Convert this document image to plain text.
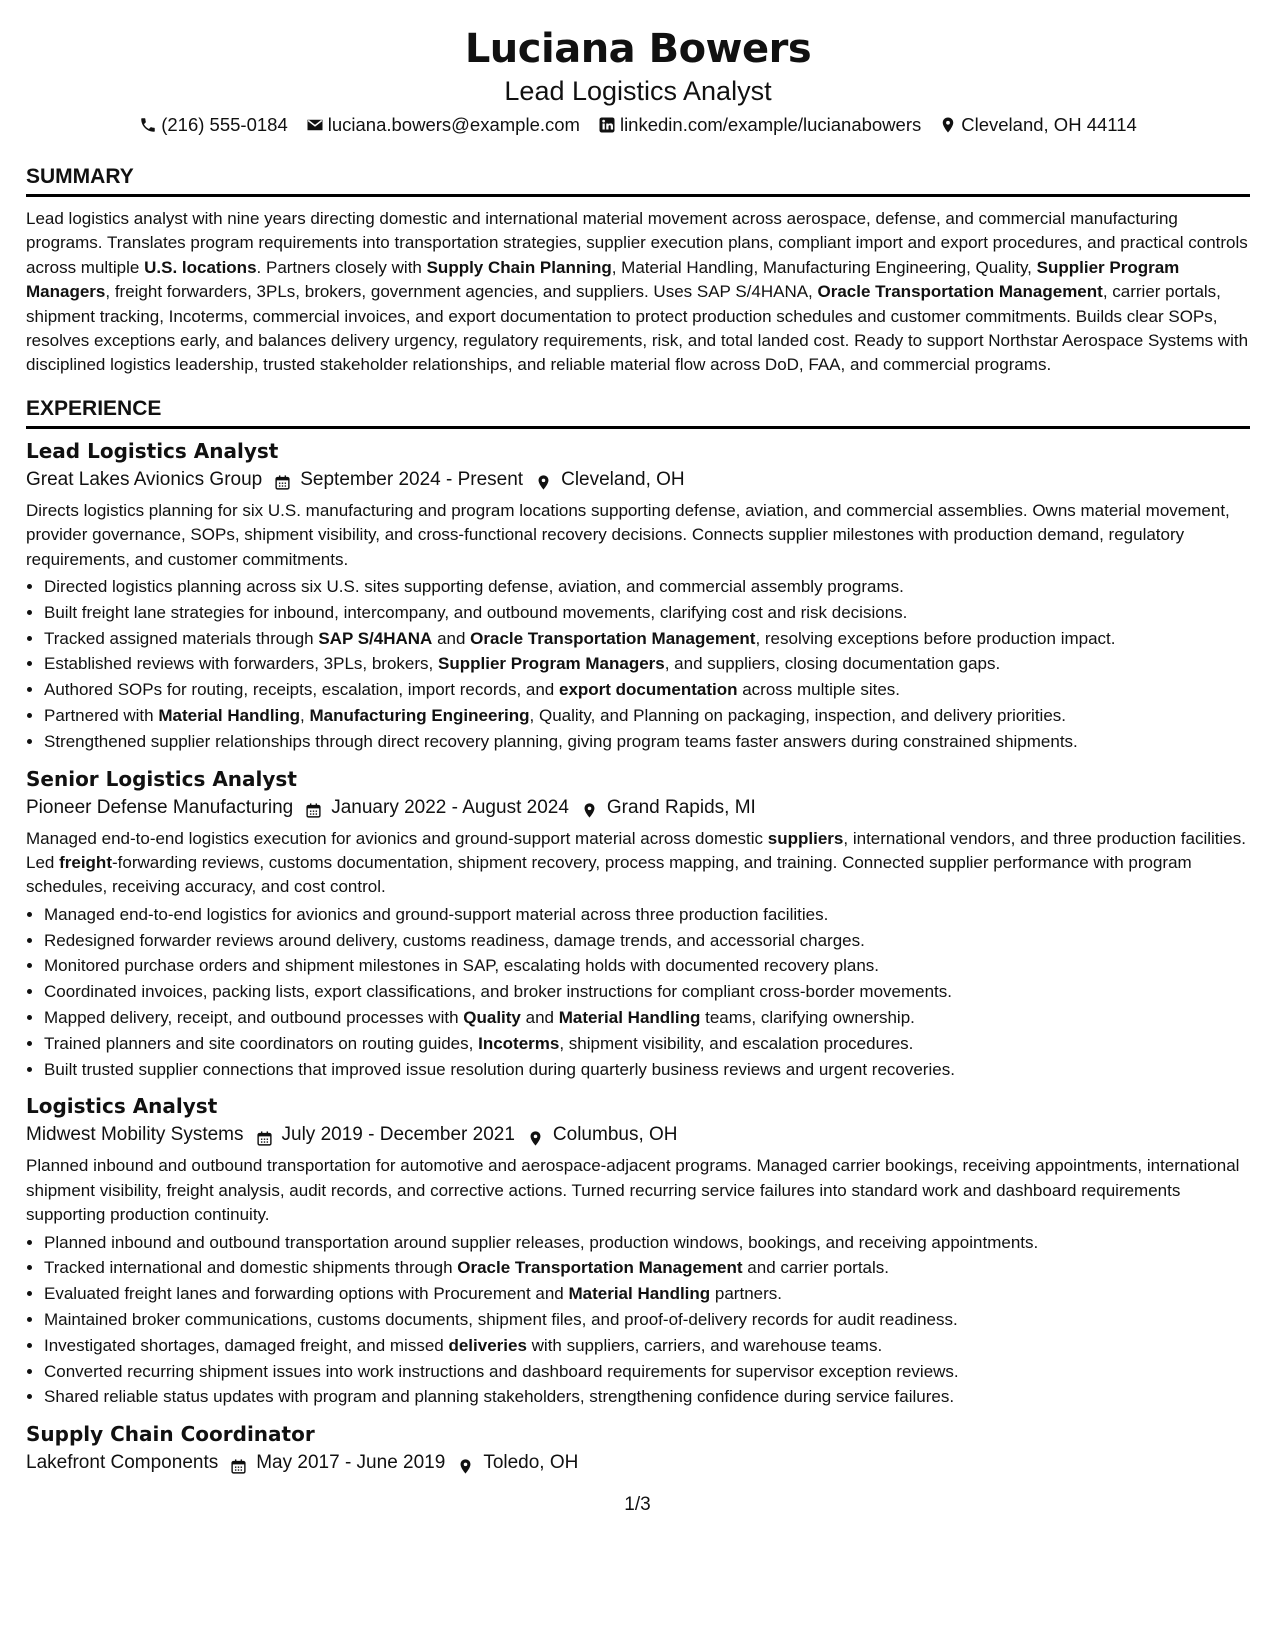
Luciana Bowers
Lead Logistics Analyst
(216) 555-0184 luciana.bowers@example.com linkedin.com/example/lucianabowers Cleveland, OH 44114
SUMMARY
Lead logistics analyst with nine years directing domestic and international material movement across aerospace, defense, and commercial manufacturing programs. Translates program requirements into transportation strategies, supplier execution plans, compliant import and export procedures, and practical controls across multiple U.S. locations. Partners closely with Supply Chain Planning, Material Handling, Manufacturing Engineering, Quality, Supplier Program Managers, freight forwarders, 3PLs, brokers, government agencies, and suppliers. Uses SAP S/4HANA, Oracle Transportation Management, carrier portals, shipment tracking, Incoterms, commercial invoices, and export documentation to protect production schedules and customer commitments. Builds clear SOPs, resolves exceptions early, and balances delivery urgency, regulatory requirements, risk, and total landed cost. Ready to support Northstar Aerospace Systems with disciplined logistics leadership, trusted stakeholder relationships, and reliable material flow across DoD, FAA, and commercial programs.
EXPERIENCE
Lead Logistics Analyst
Great Lakes Avionics Group September 2024 - Present Cleveland, OH
Directs logistics planning for six U.S. manufacturing and program locations supporting defense, aviation, and commercial assemblies. Owns material movement, provider governance, SOPs, shipment visibility, and cross-functional recovery decisions. Connects supplier milestones with production demand, regulatory requirements, and customer commitments.
• Directed logistics planning across six U.S. sites supporting defense, aviation, and commercial assembly programs.
• Built freight lane strategies for inbound, intercompany, and outbound movements, clarifying cost and risk decisions.
• Tracked assigned materials through SAP S/4HANA and Oracle Transportation Management, resolving exceptions before production impact.
• Established reviews with forwarders, 3PLs, brokers, Supplier Program Managers, and suppliers, closing documentation gaps.
• Authored SOPs for routing, receipts, escalation, import records, and export documentation across multiple sites.
• Partnered with Material Handling, Manufacturing Engineering, Quality, and Planning on packaging, inspection, and delivery priorities.
• Strengthened supplier relationships through direct recovery planning, giving program teams faster answers during constrained shipments.
Senior Logistics Analyst
Pioneer Defense Manufacturing January 2022 - August 2024 Grand Rapids, MI
Managed end-to-end logistics execution for avionics and ground-support material across domestic suppliers, international vendors, and three production facilities. Led freight-forwarding reviews, customs documentation, shipment recovery, process mapping, and training. Connected supplier performance with program schedules, receiving accuracy, and cost control.
• Managed end-to-end logistics for avionics and ground-support material across three production facilities.
• Redesigned forwarder reviews around delivery, customs readiness, damage trends, and accessorial charges.
• Monitored purchase orders and shipment milestones in SAP, escalating holds with documented recovery plans.
• Coordinated invoices, packing lists, export classifications, and broker instructions for compliant cross-border movements.
• Mapped delivery, receipt, and outbound processes with Quality and Material Handling teams, clarifying ownership.
• Trained planners and site coordinators on routing guides, Incoterms, shipment visibility, and escalation procedures.
• Built trusted supplier connections that improved issue resolution during quarterly business reviews and urgent recoveries.
Logistics Analyst
Midwest Mobility Systems July 2019 - December 2021 Columbus, OH
Planned inbound and outbound transportation for automotive and aerospace-adjacent programs. Managed carrier bookings, receiving appointments, international shipment visibility, freight analysis, audit records, and corrective actions. Turned recurring service failures into standard work and dashboard requirements supporting production continuity.
• Planned inbound and outbound transportation around supplier releases, production windows, bookings, and receiving appointments.
• Tracked international and domestic shipments through Oracle Transportation Management and carrier portals.
• Evaluated freight lanes and forwarding options with Procurement and Material Handling partners.
• Maintained broker communications, customs documents, shipment files, and proof-of-delivery records for audit readiness.
• Investigated shortages, damaged freight, and missed deliveries with suppliers, carriers, and warehouse teams.
• Converted recurring shipment issues into work instructions and dashboard requirements for supervisor exception reviews.
• Shared reliable status updates with program and planning stakeholders, strengthening confidence during service failures.
Supply Chain Coordinator
Lakefront Components May 2017 - June 2019 Toledo, OH
1/3
